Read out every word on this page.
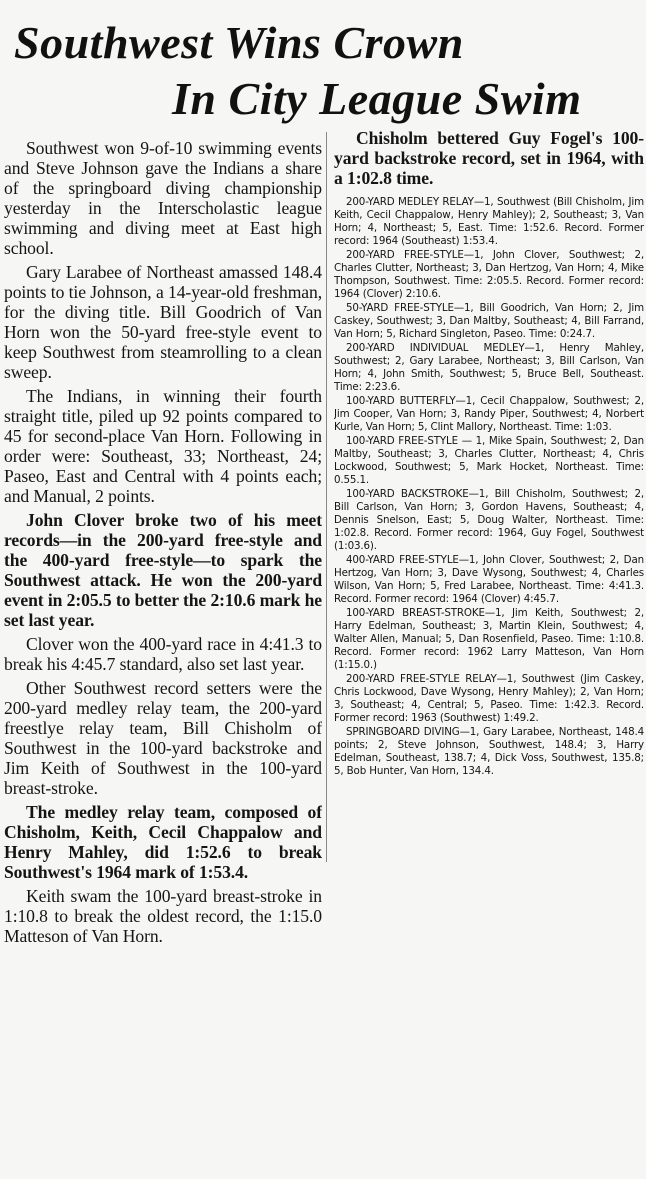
Southwest Wins Crown
In City League Swim

Southwest won 9-of-10 swimming events and Steve Johnson gave the Indians a share of the springboard diving championship yesterday in the Interscholastic league swimming and diving meet at East high school.

Gary Larabee of Northeast amassed 148.4 points to tie Johnson, a 14-year-old freshman, for the diving title. Bill Goodrich of Van Horn won the 50-yard free-style event to keep Southwest from steamrolling to a clean sweep.

The Indians, in winning their fourth straight title, piled up 92 points compared to 45 for second-place Van Horn. Following in order were: Southeast, 33; Northeast, 24; Paseo, East and Central with 4 points each; and Manual, 2 points.

John Clover broke two of his meet records—in the 200-yard free-style and the 400-yard free-style—to spark the Southwest attack. He won the 200-yard event in 2:05.5 to better the 2:10.6 mark he set last year.

Clover won the 400-yard race in 4:41.3 to break his 4:45.7 standard, also set last year.

Other Southwest record setters were the 200-yard medley relay team, the 200-yard freestlye relay team, Bill Chisholm of Southwest in the 100-yard backstroke and Jim Keith of Southwest in the 100-yard breast-stroke.

The medley relay team, composed of Chisholm, Keith, Cecil Chappalow and Henry Mahley, did 1:52.6 to break Southwest's 1964 mark of 1:53.4.

Keith swam the 100-yard breast-stroke in 1:10.8 to break the oldest record, the 1:15.0 Matteson of Van Horn.

Chisholm bettered Guy Fogel's 100-yard backstroke record, set in 1964, with a 1:02.8 time.

200-YARD MEDLEY RELAY—1, Southwest (Bill Chisholm, Jim Keith, Cecil Chappalow, Henry Mahley); 2, Southeast; 3, Van Horn; 4, Northeast; 5, East. Time: 1:52.6. Record. Former record: 1964 (Southeast) 1:53.4.

200-YARD FREE-STYLE—1, John Clover, Southwest; 2, Charles Clutter, Northeast; 3, Dan Hertzog, Van Horn; 4, Mike Thompson, Southwest. Time: 2:05.5. Record. Former record: 1964 (Clover) 2:10.6.

50-YARD FREE-STYLE—1, Bill Goodrich, Van Horn; 2, Jim Caskey, Southwest; 3, Dan Maltby, Southeast; 4, Bill Farrand, Van Horn; 5, Richard Singleton, Paseo. Time: 0:24.7.

200-YARD INDIVIDUAL MEDLEY—1, Henry Mahley, Southwest; 2, Gary Larabee, Northeast; 3, Bill Carlson, Van Horn; 4, John Smith, Southwest; 5, Bruce Bell, Southeast. Time: 2:23.6.

100-YARD BUTTERFLY—1, Cecil Chappalow, Southwest; 2, Jim Cooper, Van Horn; 3, Randy Piper, Southwest; 4, Norbert Kurle, Van Horn; 5, Clint Mallory, Northeast. Time: 1:03.

100-YARD FREE-STYLE — 1, Mike Spain, Southwest; 2, Dan Maltby, Southeast; 3, Charles Clutter, Northeast; 4, Chris Lockwood, Southwest; 5, Mark Hocket, Northeast. Time: 0.55.1.

100-YARD BACKSTROKE—1, Bill Chisholm, Southwest; 2, Bill Carlson, Van Horn; 3, Gordon Havens, Southeast; 4, Dennis Snelson, East; 5, Doug Walter, Northeast. Time: 1:02.8. Record. Former record: 1964, Guy Fogel, Southwest (1:03.6).

400-YARD FREE-STYLE—1, John Clover, Southwest; 2, Dan Hertzog, Van Horn; 3, Dave Wysong, Southwest; 4, Charles Wilson, Van Horn; 5, Fred Larabee, Northeast. Time: 4:41.3. Record. Former record: 1964 (Clover) 4:45.7.

100-YARD BREAST-STROKE—1, Jim Keith, Southwest; 2, Harry Edelman, Southeast; 3, Martin Klein, Southwest; 4, Walter Allen, Manual; 5, Dan Rosenfield, Paseo. Time: 1:10.8. Record. Former record: 1962 Larry Matteson, Van Horn (1:15.0.)

200-YARD FREE-STYLE RELAY—1, Southwest (Jim Caskey, Chris Lockwood, Dave Wysong, Henry Mahley); 2, Van Horn; 3, Southeast; 4, Central; 5, Paseo. Time: 1:42.3. Record. Former record: 1963 (Southwest) 1:49.2.

SPRINGBOARD DIVING—1, Gary Larabee, Northeast, 148.4 points; 2, Steve Johnson, Southwest, 148.4; 3, Harry Edelman, Southeast, 138.7; 4, Dick Voss, Southwest, 135.8; 5, Bob Hunter, Van Horn, 134.4.
